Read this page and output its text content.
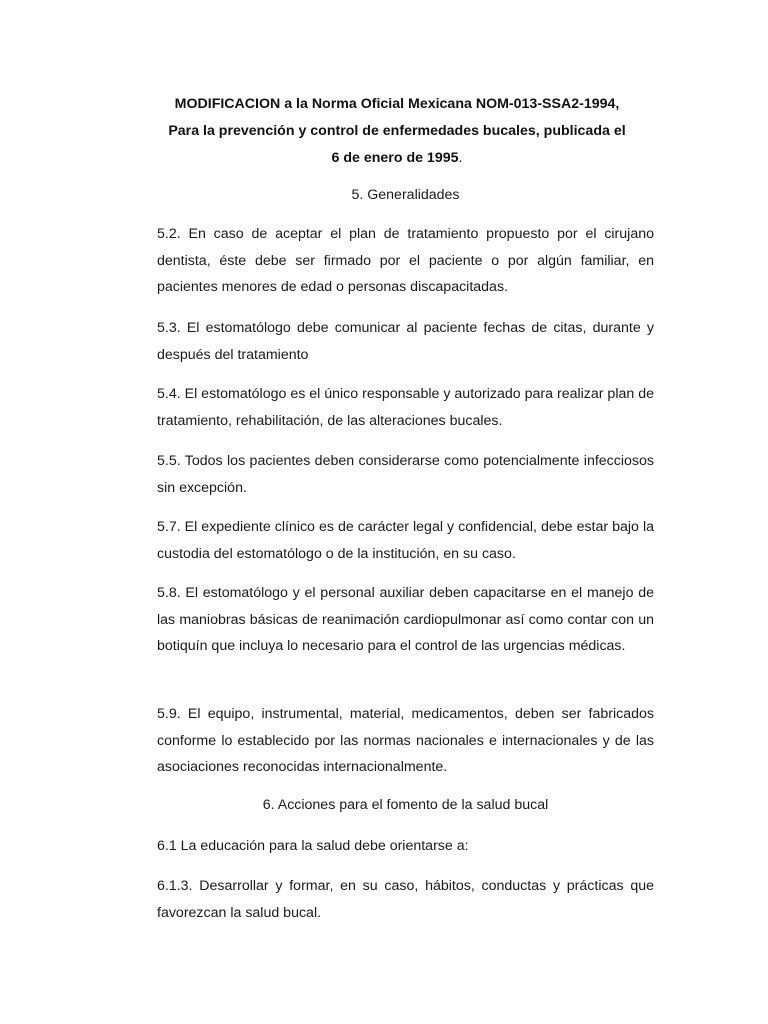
MODIFICACION a la Norma Oficial Mexicana NOM-013-SSA2-1994,
Para la prevención y control de enfermedades bucales, publicada el
6 de enero de 1995.
5. Generalidades
5.2. En caso de aceptar el plan de tratamiento propuesto por el cirujano dentista, éste debe ser firmado por el paciente o por algún familiar, en pacientes menores de edad o personas discapacitadas.
5.3. El estomatólogo debe comunicar al paciente fechas de citas, durante y después del tratamiento
5.4. El estomatólogo es el único responsable y autorizado para realizar plan de tratamiento, rehabilitación, de las alteraciones bucales.
5.5. Todos los pacientes deben considerarse como potencialmente infecciosos sin excepción.
5.7. El expediente clínico es de carácter legal y confidencial, debe estar bajo la custodia del estomatólogo o de la institución, en su caso.
5.8. El estomatólogo y el personal auxiliar deben capacitarse en el manejo de las maniobras básicas de reanimación cardiopulmonar así como contar con un botiquín que incluya lo necesario para el control de las urgencias médicas.
5.9. El equipo, instrumental, material, medicamentos, deben ser fabricados conforme lo establecido por las normas nacionales e internacionales y de las asociaciones reconocidas internacionalmente.
6. Acciones para el fomento de la salud bucal
6.1 La educación para la salud debe orientarse a:
6.1.3. Desarrollar y formar, en su caso, hábitos, conductas y prácticas que favorezcan la salud bucal.
